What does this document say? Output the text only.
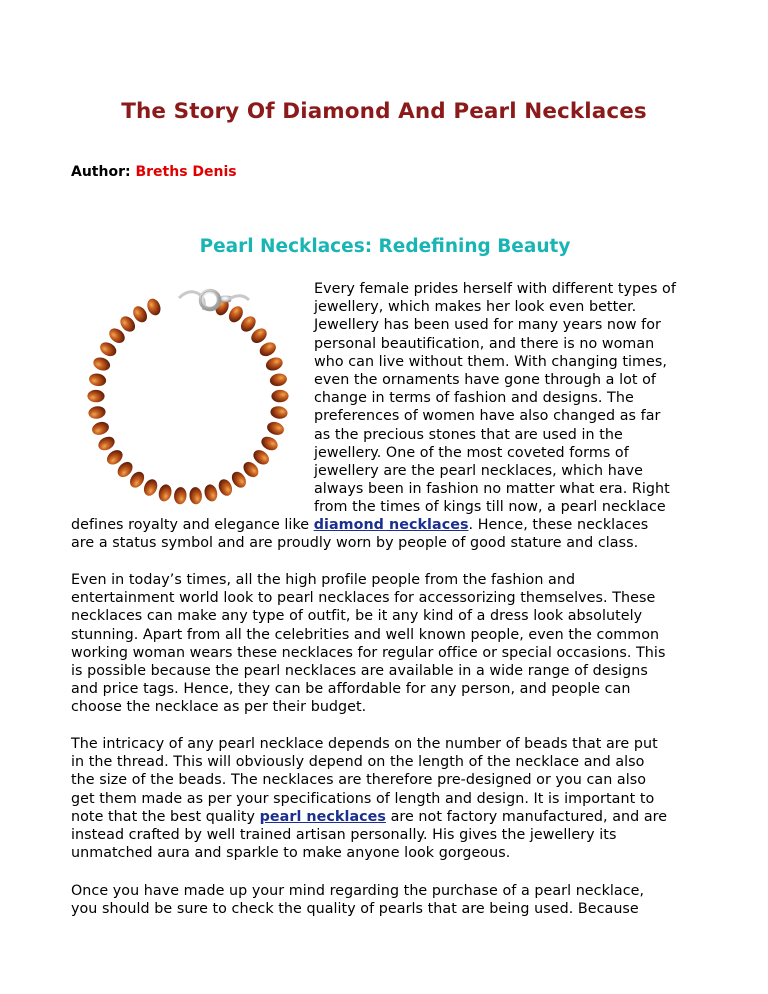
The Story Of Diamond And Pearl Necklaces
Author: Breths Denis
Pearl Necklaces: Redefining Beauty
Every female prides herself with different types of
jewellery, which makes her look even better.
Jewellery has been used for many years now for
personal beautification, and there is no woman
who can live without them. With changing times,
even the ornaments have gone through a lot of
change in terms of fashion and designs. The
preferences of women have also changed as far
as the precious stones that are used in the
jewellery. One of the most coveted forms of
jewellery are the pearl necklaces, which have
always been in fashion no matter what era. Right
from the times of kings till now, a pearl necklace
defines royalty and elegance like diamond necklaces. Hence, these necklaces
are a status symbol and are proudly worn by people of good stature and class.
Even in today’s times, all the high profile people from the fashion and
entertainment world look to pearl necklaces for accessorizing themselves. These
necklaces can make any type of outfit, be it any kind of a dress look absolutely
stunning. Apart from all the celebrities and well known people, even the common
working woman wears these necklaces for regular office or special occasions. This
is possible because the pearl necklaces are available in a wide range of designs
and price tags. Hence, they can be affordable for any person, and people can
choose the necklace as per their budget.
The intricacy of any pearl necklace depends on the number of beads that are put
in the thread. This will obviously depend on the length of the necklace and also
the size of the beads. The necklaces are therefore pre-designed or you can also
get them made as per your specifications of length and design. It is important to
note that the best quality pearl necklaces are not factory manufactured, and are
instead crafted by well trained artisan personally. His gives the jewellery its
unmatched aura and sparkle to make anyone look gorgeous.
Once you have made up your mind regarding the purchase of a pearl necklace,
you should be sure to check the quality of pearls that are being used. Because
